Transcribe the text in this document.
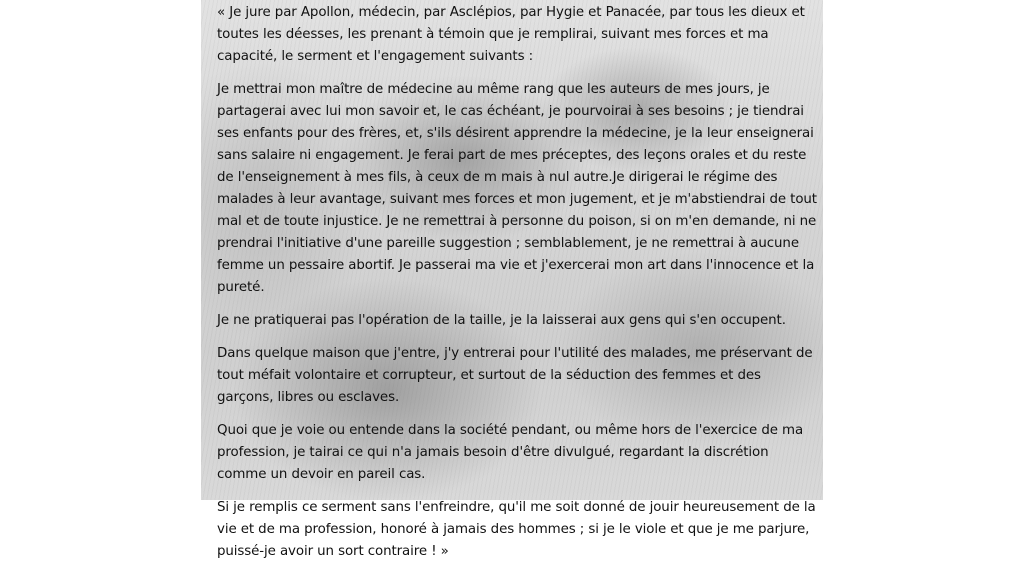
« Je jure par Apollon, médecin, par Asclépios, par Hygie et Panacée, par tous les dieux et toutes les déesses, les prenant à témoin que je remplirai, suivant mes forces et ma capacité, le serment et l'engagement suivants :

Je mettrai mon maître de médecine au même rang que les auteurs de mes jours, je partagerai avec lui mon savoir et, le cas échéant, je pourvoirai à ses besoins ; je tiendrai ses enfants pour des frères, et, s'ils désirent apprendre la médecine, je la leur enseignerai sans salaire ni engagement. Je ferai part de mes préceptes, des leçons orales et du reste de l'enseignement à mes fils, à ceux de m mais à nul autre.Je dirigerai le régime des malades à leur avantage, suivant mes forces et mon jugement, et je m'abstiendrai de tout mal et de toute injustice. Je ne remettrai à personne du poison, si on m'en demande, ni ne prendrai l'initiative d'une pareille suggestion ; semblablement, je ne remettrai à aucune femme un pessaire abortif. Je passerai ma vie et j'exercerai mon art dans l'innocence et la pureté.

Je ne pratiquerai pas l'opération de la taille, je la laisserai aux gens qui s'en occupent.

Dans quelque maison que j'entre, j'y entrerai pour l'utilité des malades, me préservant de tout méfait volontaire et corrupteur, et surtout de la séduction des femmes et des garçons, libres ou esclaves.

Quoi que je voie ou entende dans la société pendant, ou même hors de l'exercice de ma profession, je tairai ce qui n'a jamais besoin d'être divulgué, regardant la discrétion comme un devoir en pareil cas.

Si je remplis ce serment sans l'enfreindre, qu'il me soit donné de jouir heureusement de la vie et de ma profession, honoré à jamais des hommes ; si je le viole et que je me parjure, puissé-je avoir un sort contraire ! »
